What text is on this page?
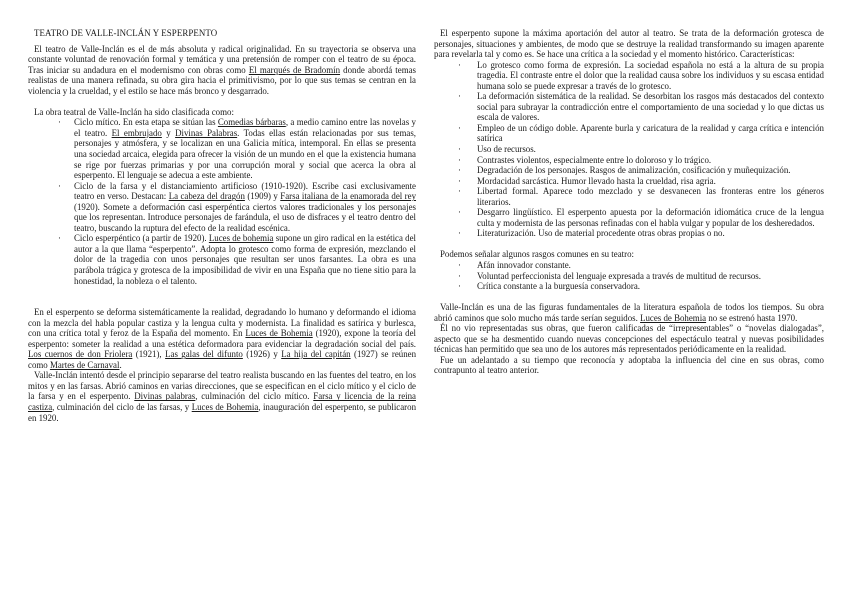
TEATRO DE VALLE-INCLÁN Y ESPERPENTO

El teatro de Valle-Inclán es el de más absoluta y radical originalidad. En su trayectoria se observa una constante voluntad de renovación formal y temática y una pretensión de romper con el teatro de su época. Tras iniciar su andadura en el modernismo con obras como El marqués de Bradomín donde abordá temas realistas de una manera refinada, su obra gira hacia el primitivismo, por lo que sus temas se centran en la violencia y la crueldad, y el estilo se hace más bronco y desgarrado.

La obra teatral de Valle-Inclán ha sido clasificada como:

· Ciclo mítico. En esta etapa se sitúan las Comedias bárbaras, a medio camino entre las novelas y el teatro. El embrujado y Divinas Palabras. Todas ellas están relacionadas por sus temas, personajes y atmósfera, y se localizan en una Galicia mítica, intemporal. En ellas se presenta una sociedad arcaica, elegida para ofrecer la visión de un mundo en el que la existencia humana se rige por fuerzas primarias y por una corrupción moral y social que acerca la obra al esperpento. El lenguaje se adecua a este ambiente.
· Ciclo de la farsa y el distanciamiento artificioso (1910-1920). Escribe casi exclusivamente teatro en verso. Destacan: La cabeza del dragón (1909) y Farsa italiana de la enamorada del rey (1920). Somete a deformación casi esperpéntica ciertos valores tradicionales y los personajes que los representan. Introduce personajes de farándula, el uso de disfraces y el teatro dentro del teatro, buscando la ruptura del efecto de la realidad escénica.
· Ciclo esperpéntico (a partir de 1920). Luces de bohemia supone un giro radical en la estética del autor a la que llama “esperpento”. Adopta lo grotesco como forma de expresión, mezclando el dolor de la tragedia con unos personajes que resultan ser unos farsantes. La obra es una parábola trágica y grotesca de la imposibilidad de vivir en una España que no tiene sitio para la honestidad, la nobleza o el talento.

En el esperpento se deforma sistemáticamente la realidad, degradando lo humano y deformando el idioma con la mezcla del habla popular castiza y la lengua culta y modernista. La finalidad es satírica y burlesca, con una crítica total y feroz de la España del momento. En Luces de Bohemia (1920), expone la teoría del esperpento: someter la realidad a una estética deformadora para evidenciar la degradación social del país. Los cuernos de don Friolera (1921), Las galas del difunto (1926) y La hija del capitán (1927) se reúnen como Martes de Carnaval.

Valle-Inclán intentó desde el principio separarse del teatro realista buscando en las fuentes del teatro, en los mitos y en las farsas. Abrió caminos en varias direcciones, que se especifican en el ciclo mítico y el ciclo de la farsa y en el esperpento. Divinas palabras, culminación del ciclo mítico. Farsa y licencia de la reina castiza, culminación del ciclo de las farsas, y Luces de Bohemia, inauguración del esperpento, se publicaron en 1920.

El esperpento supone la máxima aportación del autor al teatro. Se trata de la deformación grotesca de personajes, situaciones y ambientes, de modo que se destruye la realidad transformando su imagen aparente para revelarla tal y como es. Se hace una crítica a la sociedad y el momento histórico. Características:

· Lo grotesco como forma de expresión. La sociedad española no está a la altura de su propia tragedia. El contraste entre el dolor que la realidad causa sobre los individuos y su escasa entidad humana solo se puede expresar a través de lo grotesco.
· La deformación sistemática de la realidad. Se desorbitan los rasgos más destacados del contexto social para subrayar la contradicción entre el comportamiento de una sociedad y lo que dictas us escala de valores.
· Empleo de un código doble. Aparente burla y caricatura de la realidad y carga crítica e intención satírica
· Uso de recursos.
· Contrastes violentos, especialmente entre lo doloroso y lo trágico.
· Degradación de los personajes. Rasgos de animalización, cosificación y muñequización.
· Mordacidad sarcástica. Humor llevado hasta la crueldad, risa agria.
· Libertad formal. Aparece todo mezclado y se desvanecen las fronteras entre los géneros literarios.
· Desgarro lingüístico. El esperpento apuesta por la deformación idiomática cruce de la lengua culta y modernista de las personas refinadas con el habla vulgar y popular de los desheredados.
· Literaturización. Uso de material procedente otras obras propias o no.

Podemos señalar algunos rasgos comunes en su teatro:

· Afán innovador constante.
· Voluntad perfeccionista del lenguaje expresada a través de multitud de recursos.
· Crítica constante a la burguesía conservadora.

Valle-Inclán es una de las figuras fundamentales de la literatura española de todos los tiempos. Su obra abrió caminos que solo mucho más tarde serían seguidos. Luces de Bohemia no se estrenó hasta 1970.

Él no vio representadas sus obras, que fueron calificadas de “irrepresentables” o “novelas dialogadas”, aspecto que se ha desmentido cuando nuevas concepciones del espectáculo teatral y nuevas posibilidades técnicas han permitido que sea uno de los autores más representados periódicamente en la realidad.

Fue un adelantado a su tiempo que reconocía y adoptaba la influencia del cine en sus obras, como contrapunto al teatro anterior.
